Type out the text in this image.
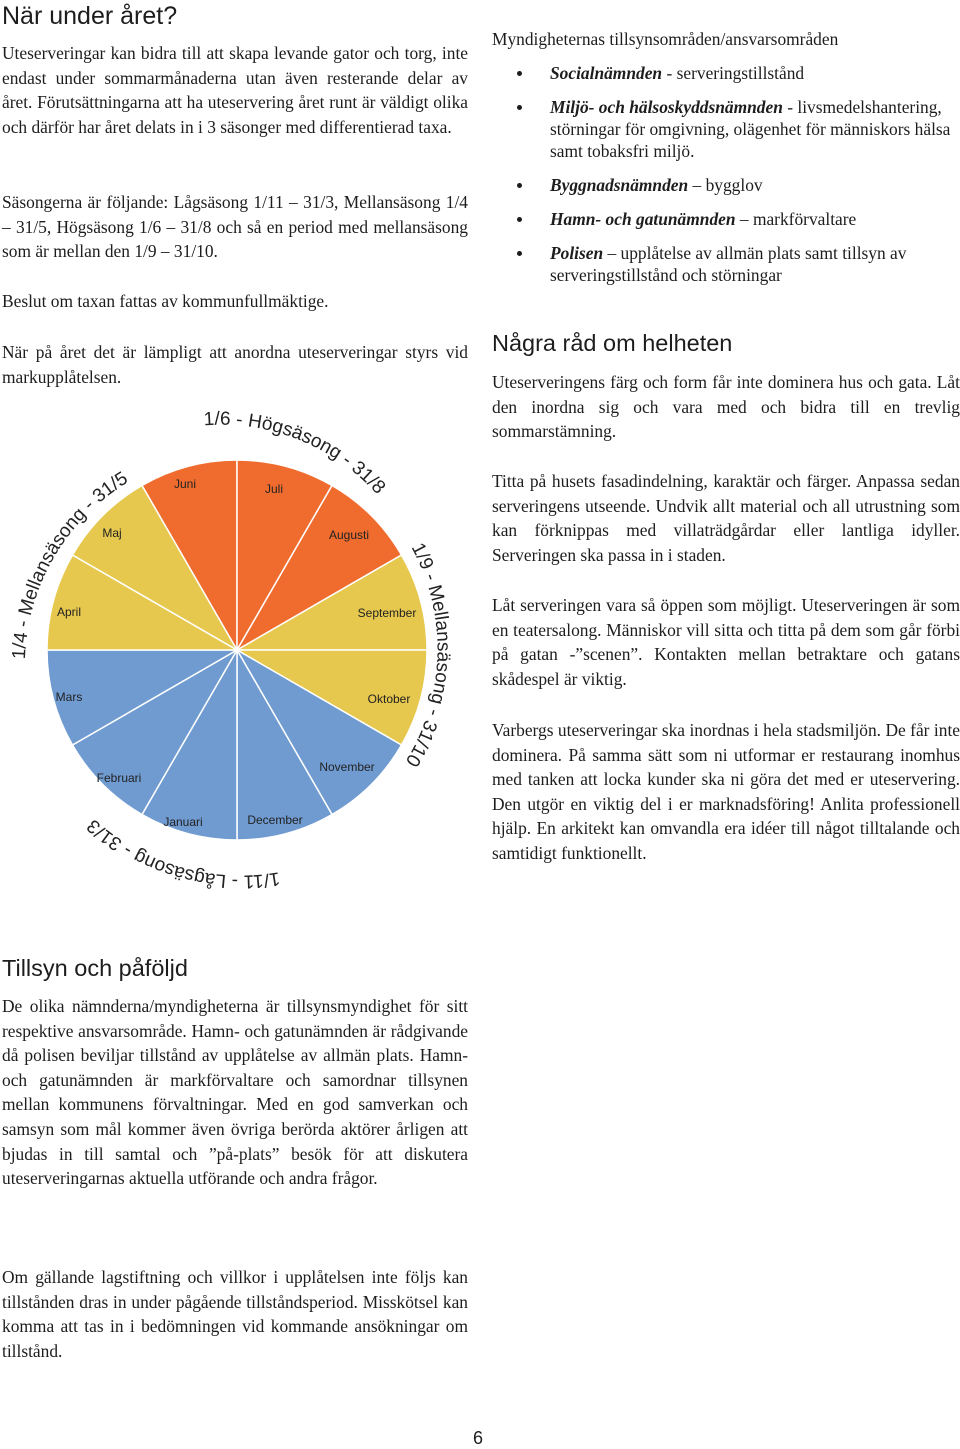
När under året?

Uteserveringar kan bidra till att skapa levande gator och torg, inte endast under sommarmånaderna utan även resterande delar av året. Förutsättningarna att ha uteservering året runt är väldigt olika och därför har året delats in i 3 säsonger med differentierad taxa.

Säsongerna är följande: Lågsäsong 1/11 – 31/3, Mellansäsong 1/4 – 31/5, Högsäsong 1/6 – 31/8 och så en period med mellansäsong som är mellan den 1/9 – 31/10.

Beslut om taxan fattas av kommunfullmäktige.

När på året det är lämpligt att anordna uteserveringar styrs vid markupplåtelsen.

Januari
Februari
Mars
April
Maj
Juni	Juli
Augusti
September
Oktober
November
December
1/6 - Högsäsong - 31/8
1/4 - Mellansäsong - 31/5
1/9 - Mellansäsong - 31/10
1/11 - Lågsäsong - 31/3
Myndigheternas tillsynsområden/ansvarsområden
Socialnämnden - serveringstillstånd
Miljö- och hälsoskyddsnämnden - livsmedelshantering, störningar för omgivning, olägenhet för människors hälsa samt tobaksfri miljö.
Byggnadsnämnden – bygglov
Hamn- och gatunämnden – markförvaltare
Polisen – upplåtelse av allmän plats samt tillsyn av serveringstillstånd och störningar
Några råd om helheten

Uteserveringens färg och form får inte dominera hus och gata. Låt den inordna sig och vara med och bidra till en trevlig sommarstämning.

Titta på husets fasadindelning, karaktär och färger. Anpassa sedan serveringens utseende. Undvik allt material och all utrustning som kan förknippas med villaträdgårdar eller lantliga idyller. Serveringen ska passa in i staden.

Låt serveringen vara så öppen som möjligt. Uteserveringen är som en teatersalong. Människor vill sitta och titta på dem som går förbi på gatan -”scenen”. Kontakten mellan betraktare och gatans skådespel är viktig.

Varbergs uteserveringar ska inordnas i hela stadsmiljön. De får inte dominera. På samma sätt som ni utformar er restaurang inomhus med tanken att locka kunder ska ni göra det med er uteservering. Den utgör en viktig del i er marknadsföring! Anlita professionell hjälp. En arkitekt kan omvandla era idéer till något tilltalande och samtidigt funktionellt.

Tillsyn och påföljd

De olika nämnderna/myndigheterna är tillsynsmyndighet för sitt respektive ansvarsområde. Hamn- och gatunämnden är rådgivande då polisen beviljar tillstånd av upplåtelse av allmän plats. Hamn- och gatunämnden är markförvaltare och samordnar tillsynen mellan kommunens förvaltningar. Med en god samverkan och samsyn som mål kommer även övriga berörda aktörer årligen att bjudas in till samtal och ”på-plats” besök för att diskutera uteserveringarnas aktuella utförande och andra frågor.

Om gällande lagstiftning och villkor i upplåtelsen inte följs kan tillstånden dras in under pågående tillståndsperiod. Misskötsel kan komma att tas in i bedömningen vid kommande ansökningar om tillstånd.

6
